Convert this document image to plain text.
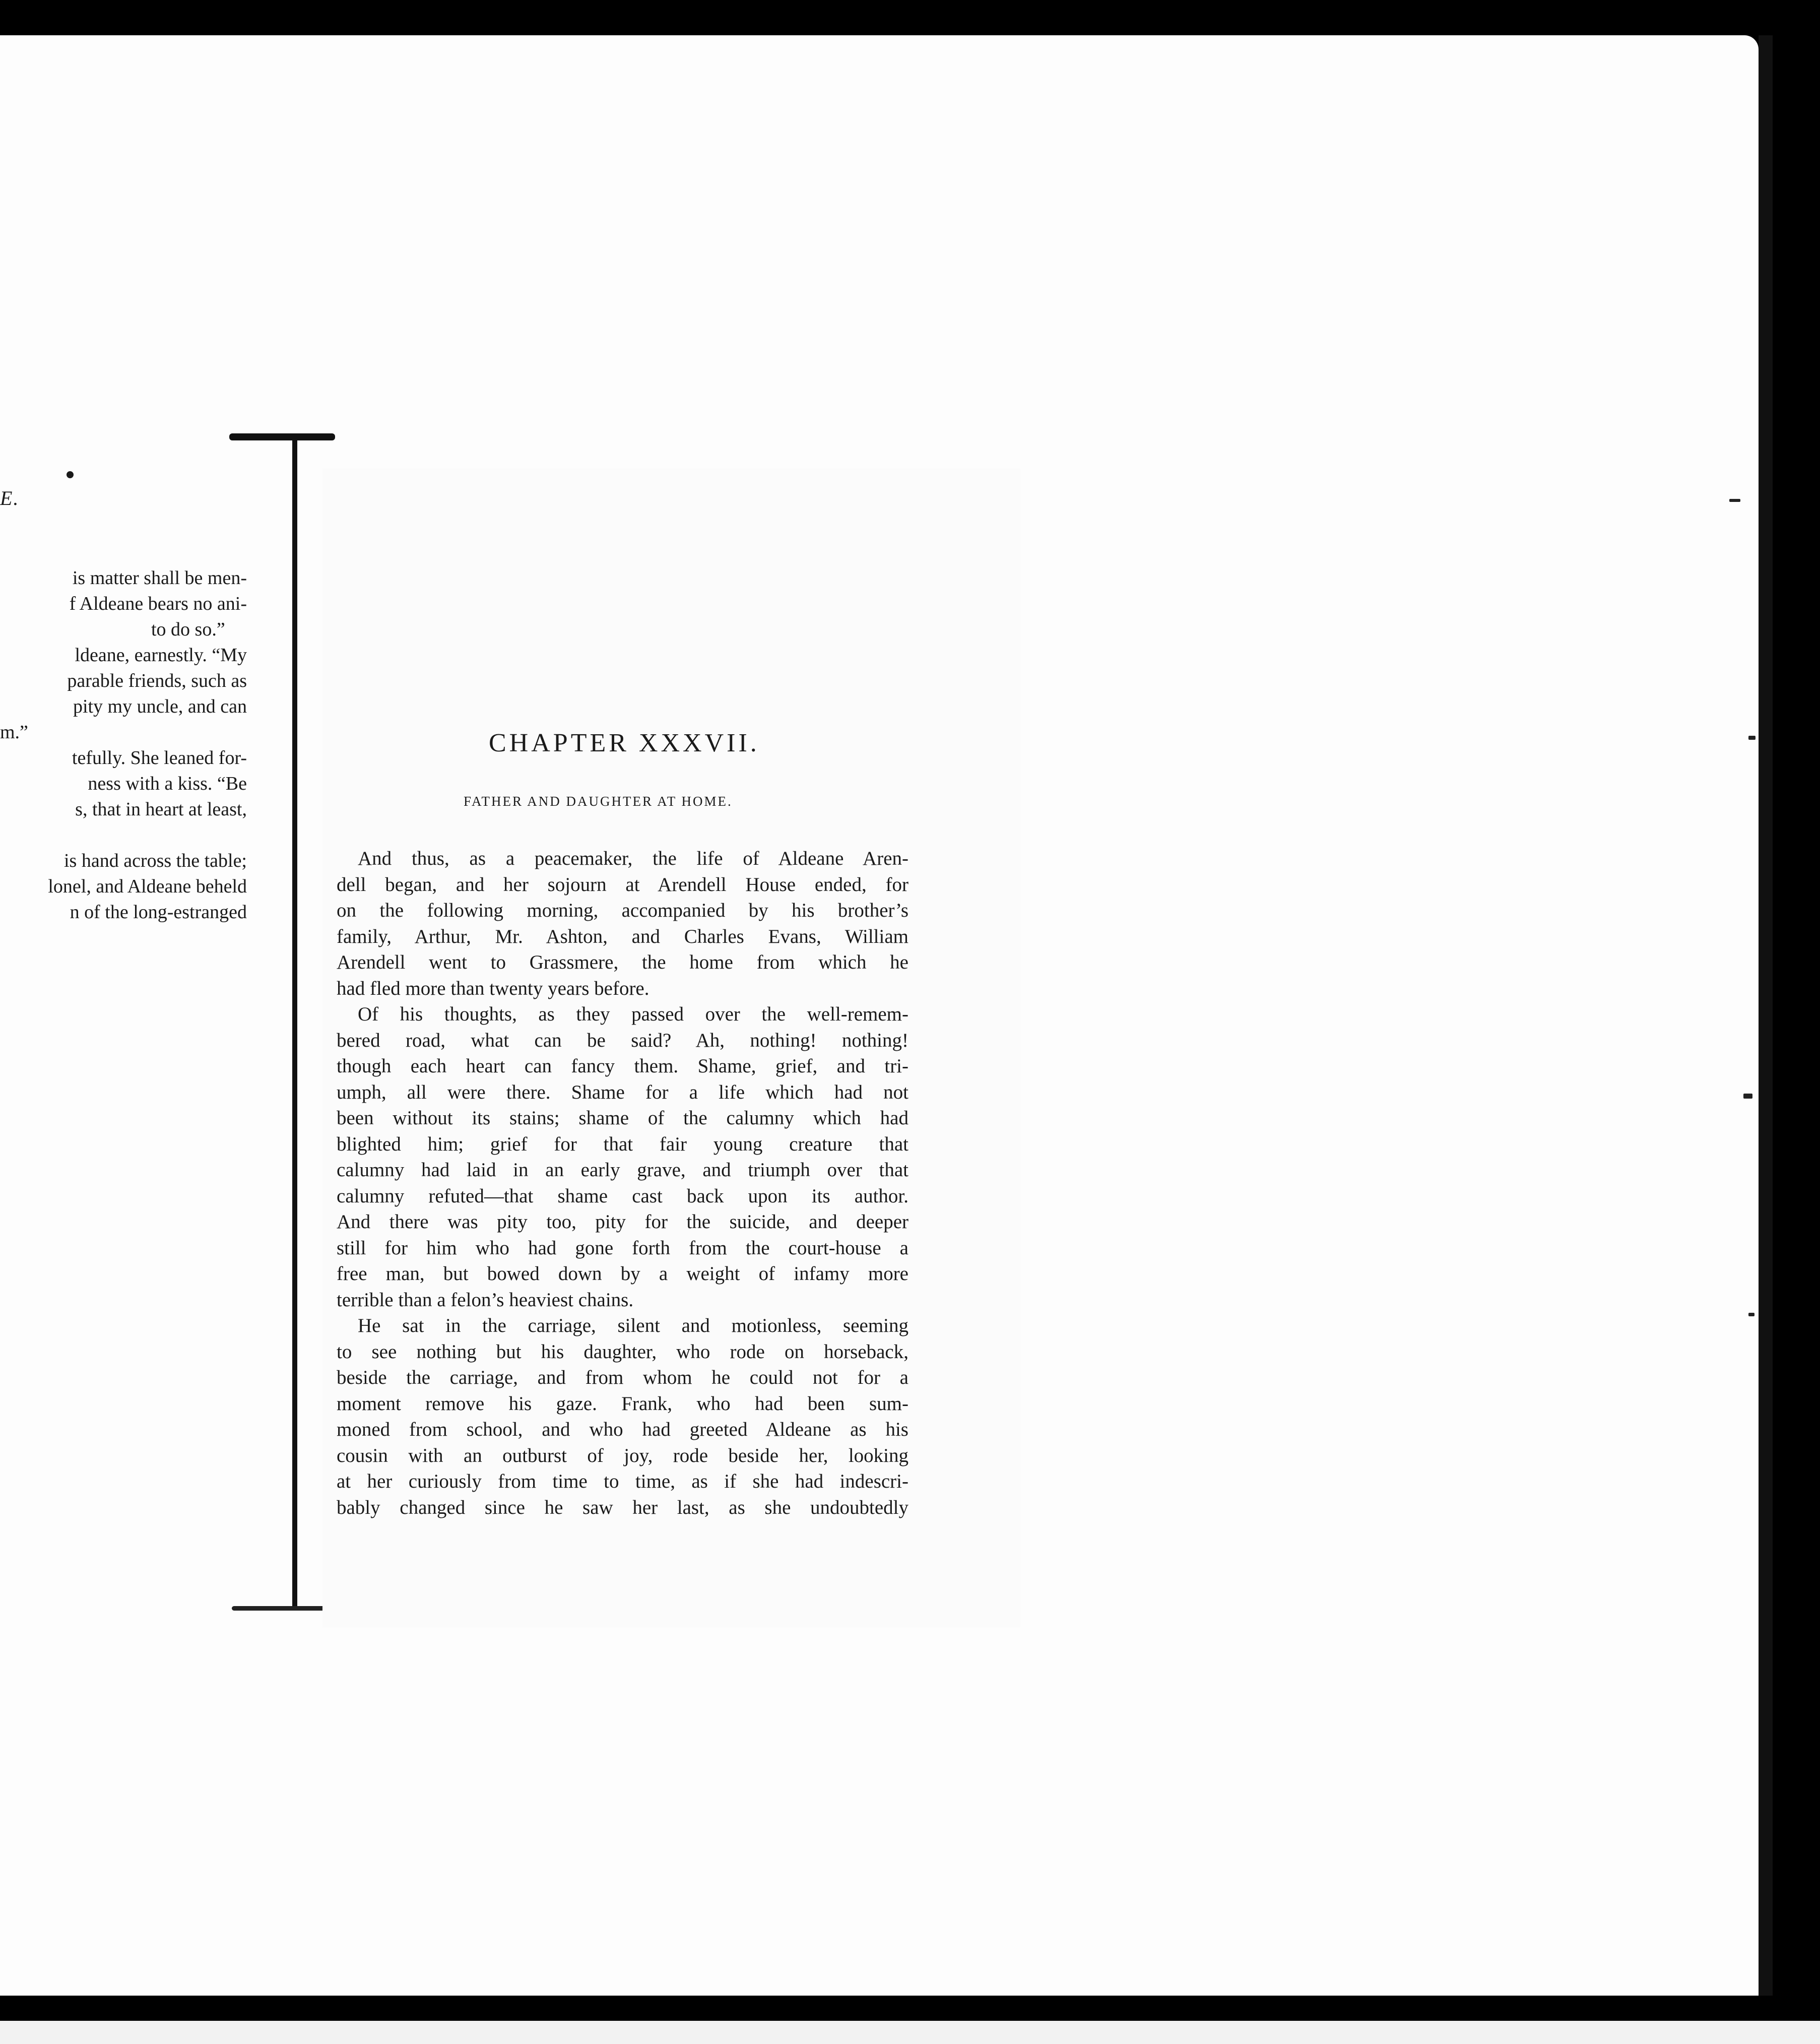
E.
is matter shall be men-
f Aldeane bears no ani-
to do so.”
ldeane, earnestly. “My
parable friends, such as
pity my uncle, and can
m.”
tefully. She leaned for-
ness with a kiss. “Be
s, that in heart at least,
is hand across the table;
lonel, and Aldeane beheld
n of the long-estranged
CHAPTER XXXVII.
FATHER AND DAUGHTER AT HOME.
And thus, as a peacemaker, the life of Aldeane Aren-
dell began, and her sojourn at Arendell House ended, for
on the following morning, accompanied by his brother’s
family, Arthur, Mr. Ashton, and Charles Evans, William
Arendell went to Grassmere, the home from which he
had fled more than twenty years before.
Of his thoughts, as they passed over the well-remem-
bered road, what can be said? Ah, nothing! nothing!
though each heart can fancy them. Shame, grief, and tri-
umph, all were there. Shame for a life which had not
been without its stains; shame of the calumny which had
blighted him; grief for that fair young creature that
calumny had laid in an early grave, and triumph over that
calumny refuted—that shame cast back upon its author.
And there was pity too, pity for the suicide, and deeper
still for him who had gone forth from the court-house a
free man, but bowed down by a weight of infamy more
terrible than a felon’s heaviest chains.
He sat in the carriage, silent and motionless, seeming
to see nothing but his daughter, who rode on horseback,
beside the carriage, and from whom he could not for a
moment remove his gaze. Frank, who had been sum-
moned from school, and who had greeted Aldeane as his
cousin with an outburst of joy, rode beside her, looking
at her curiously from time to time, as if she had indescri-
bably changed since he saw her last, as she undoubtedly
